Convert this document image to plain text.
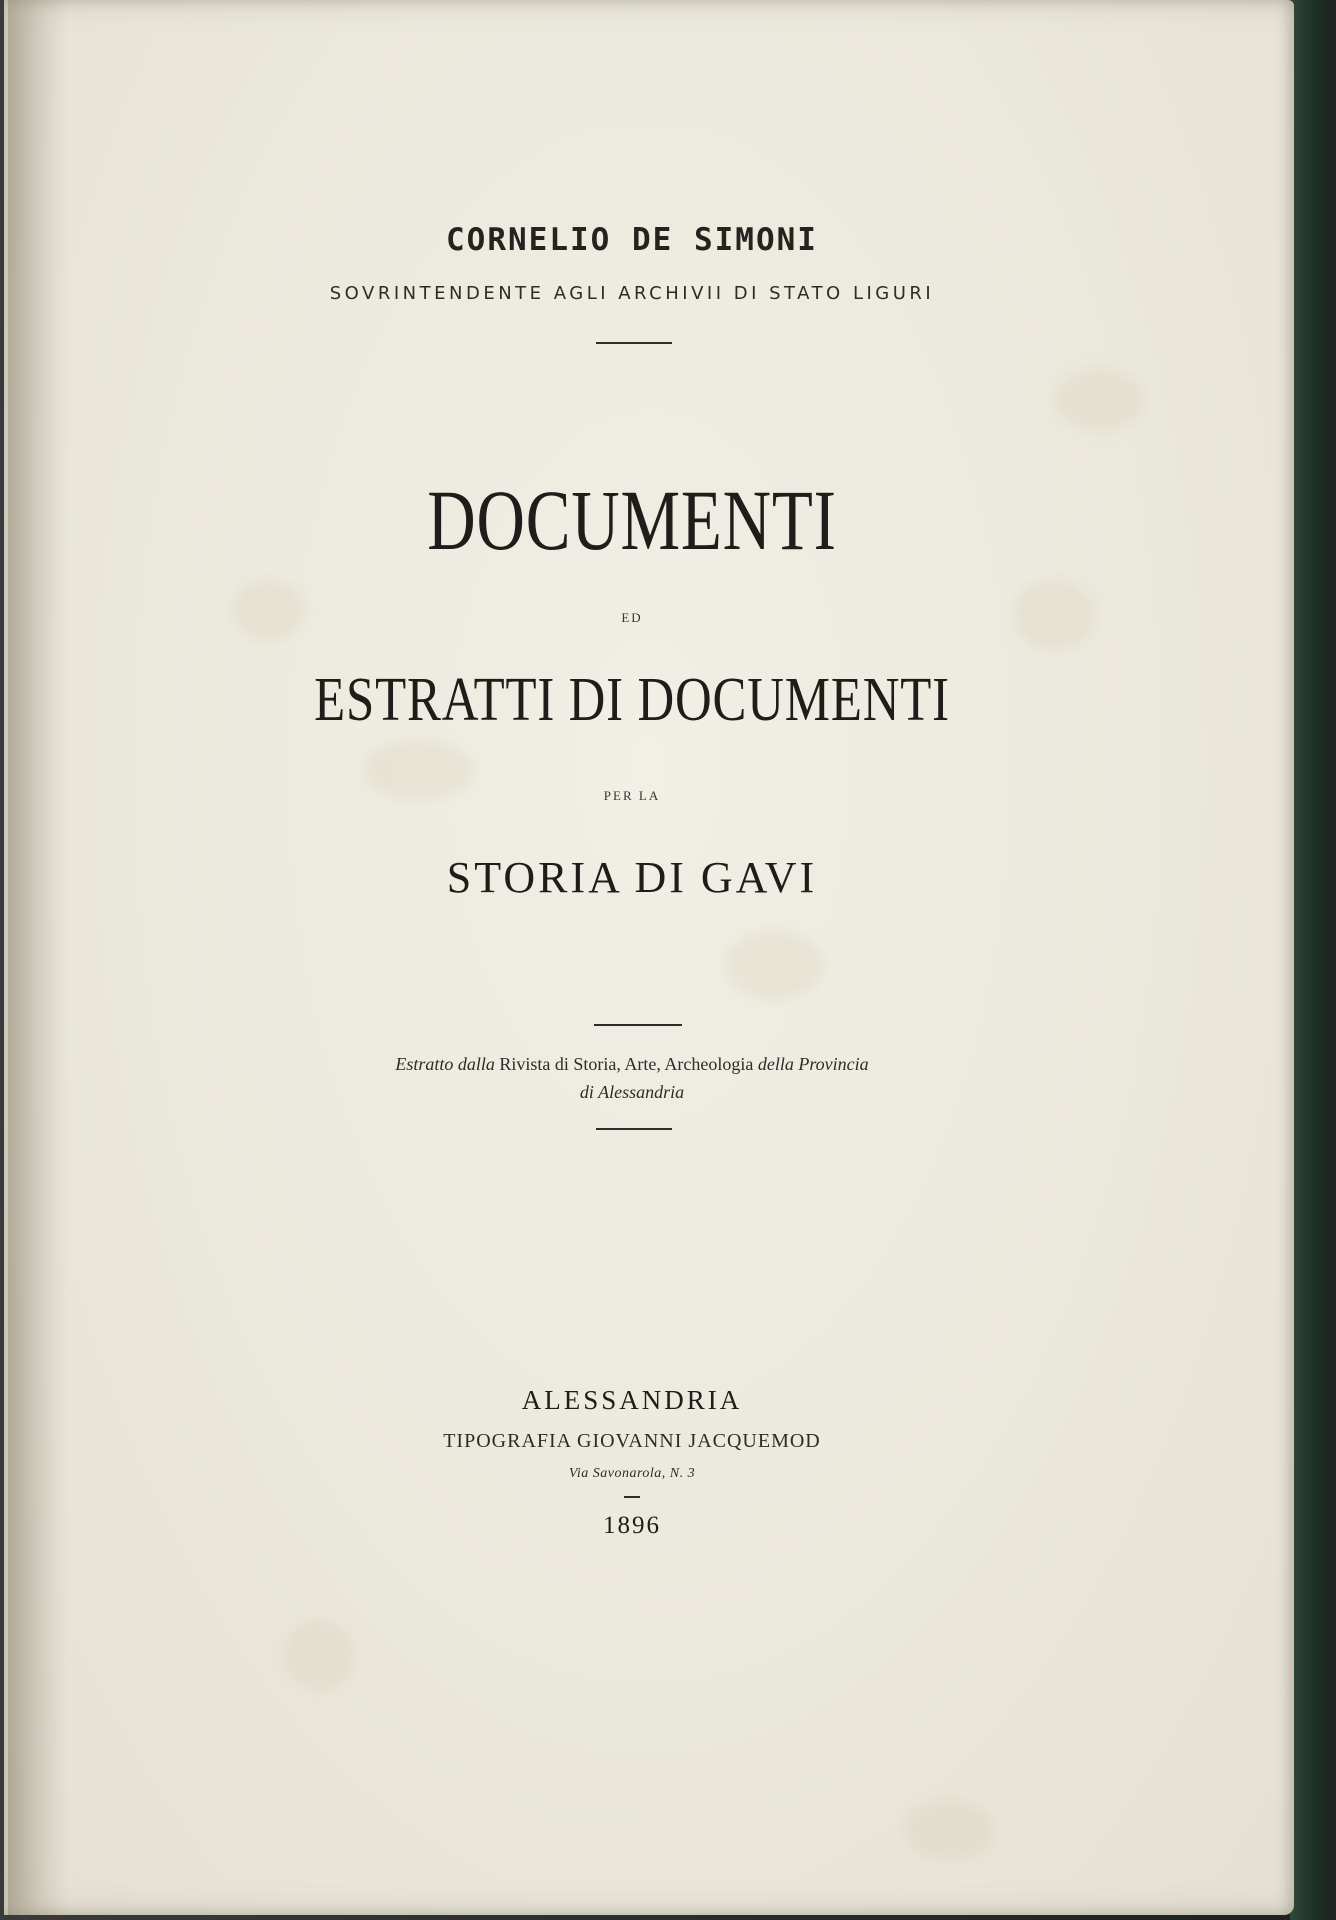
CORNELIO DE SIMONI
SOVRINTENDENTE AGLI ARCHIVII DI STATO LIGURI
DOCUMENTI
ED
ESTRATTI DI DOCUMENTI
PER LA
STORIA DI GAVI
Estratto dalla Rivista di Storia, Arte, Archeologia della Provincia
di Alessandria
ALESSANDRIA
TIPOGRAFIA GIOVANNI JACQUEMOD
Via Savonarola, N. 3
1896
